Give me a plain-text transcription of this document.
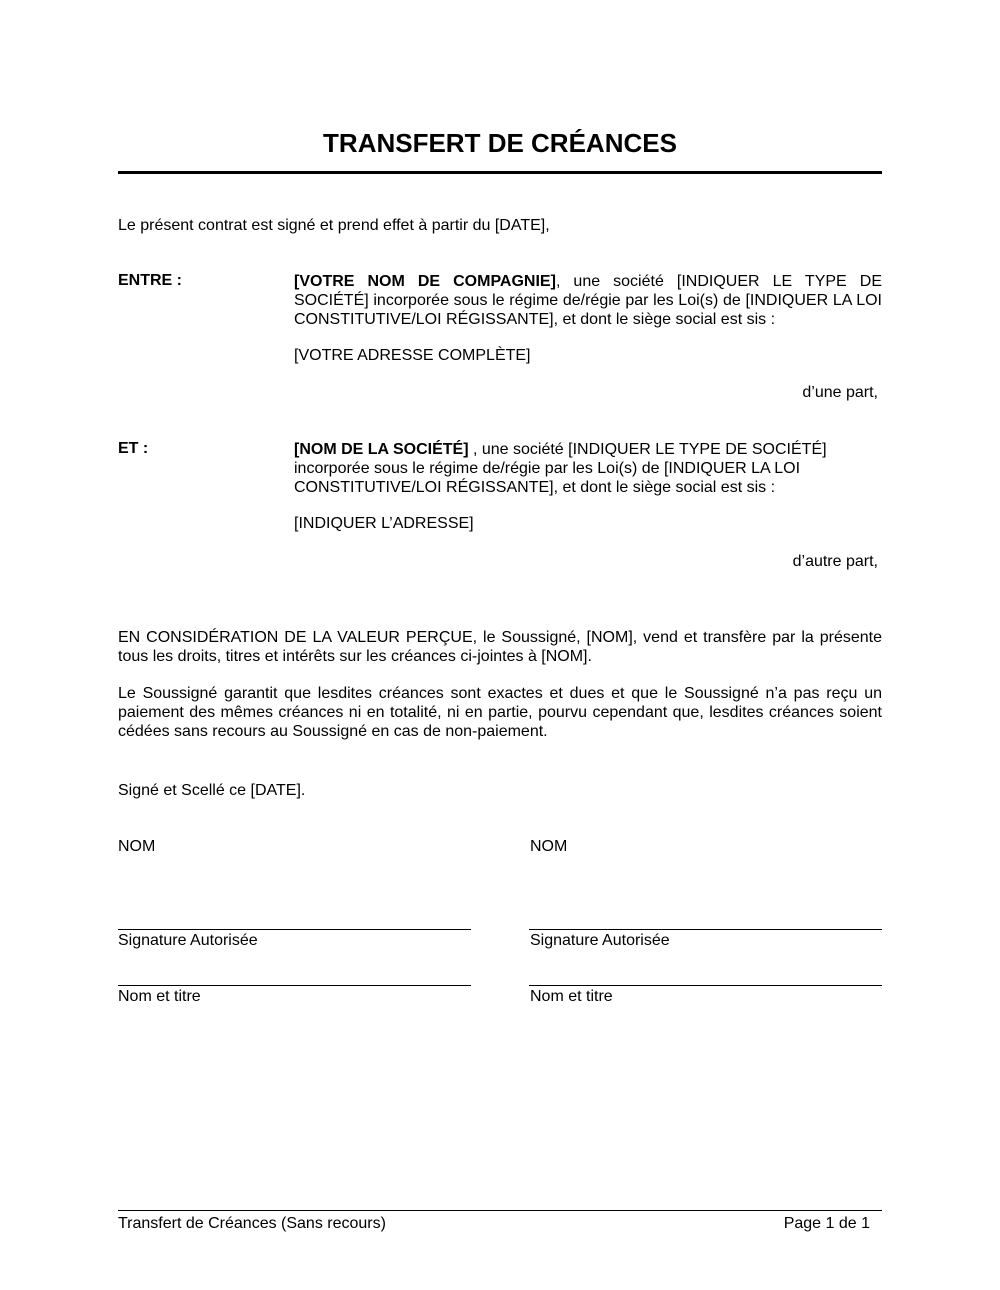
TRANSFERT DE CRÉANCES
Le présent contrat est signé et prend effet à partir du [DATE],
ENTRE :	[VOTRE NOM DE COMPAGNIE], une société [INDIQUER LE TYPE DE SOCIÉTÉ] incorporée sous le régime de/régie par les Loi(s) de [INDIQUER LA LOI CONSTITUTIVE/LOI RÉGISSANTE], et dont le siège social est sis :
[VOTRE ADRESSE COMPLÈTE]
d’une part,
ET :	[NOM DE LA SOCIÉTÉ] , une société [INDIQUER LE TYPE DE SOCIÉTÉ] incorporée sous le régime de/régie par les Loi(s) de [INDIQUER LA LOI CONSTITUTIVE/LOI RÉGISSANTE], et dont le siège social est sis :
[INDIQUER L’ADRESSE]
d’autre part,
EN CONSIDÉRATION DE LA VALEUR PERÇUE, le Soussigné, [NOM], vend et transfère par la présente tous les droits, titres et intérêts sur les créances ci-jointes à [NOM].
Le Soussigné garantit que lesdites créances sont exactes et dues et que le Soussigné n’a pas reçu un paiement des mêmes créances ni en totalité, ni en partie, pourvu cependant que, lesdites créances soient cédées sans recours au Soussigné en cas de non-paiement.
Signé et Scellé ce [DATE].
NOM
Signature Autorisée
Nom et titre
NOM
Signature Autorisée
Nom et titre
Transfert de Créances (Sans recours)	Page 1 de 1
